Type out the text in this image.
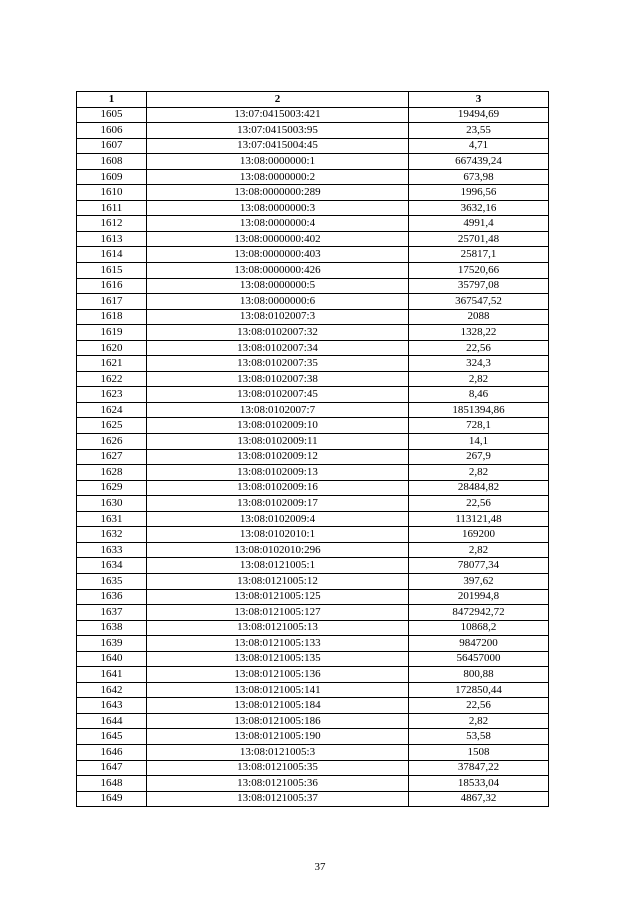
1	2	3
1605	13:07:0415003:421	19494,69
1606	13:07:0415003:95	23,55
1607	13:07:0415004:45	4,71
1608	13:08:0000000:1	667439,24
1609	13:08:0000000:2	673,98
1610	13:08:0000000:289	1996,56
1611	13:08:0000000:3	3632,16
1612	13:08:0000000:4	4991,4
1613	13:08:0000000:402	25701,48
1614	13:08:0000000:403	25817,1
1615	13:08:0000000:426	17520,66
1616	13:08:0000000:5	35797,08
1617	13:08:0000000:6	367547,52
1618	13:08:0102007:3	2088
1619	13:08:0102007:32	1328,22
1620	13:08:0102007:34	22,56
1621	13:08:0102007:35	324,3
1622	13:08:0102007:38	2,82
1623	13:08:0102007:45	8,46
1624	13:08:0102007:7	1851394,86
1625	13:08:0102009:10	728,1
1626	13:08:0102009:11	14,1
1627	13:08:0102009:12	267,9
1628	13:08:0102009:13	2,82
1629	13:08:0102009:16	28484,82
1630	13:08:0102009:17	22,56
1631	13:08:0102009:4	113121,48
1632	13:08:0102010:1	169200
1633	13:08:0102010:296	2,82
1634	13:08:0121005:1	78077,34
1635	13:08:0121005:12	397,62
1636	13:08:0121005:125	201994,8
1637	13:08:0121005:127	8472942,72
1638	13:08:0121005:13	10868,2
1639	13:08:0121005:133	9847200
1640	13:08:0121005:135	56457000
1641	13:08:0121005:136	800,88
1642	13:08:0121005:141	172850,44
1643	13:08:0121005:184	22,56
1644	13:08:0121005:186	2,82
1645	13:08:0121005:190	53,58
1646	13:08:0121005:3	1508
1647	13:08:0121005:35	37847,22
1648	13:08:0121005:36	18533,04
1649	13:08:0121005:37	4867,32
37
